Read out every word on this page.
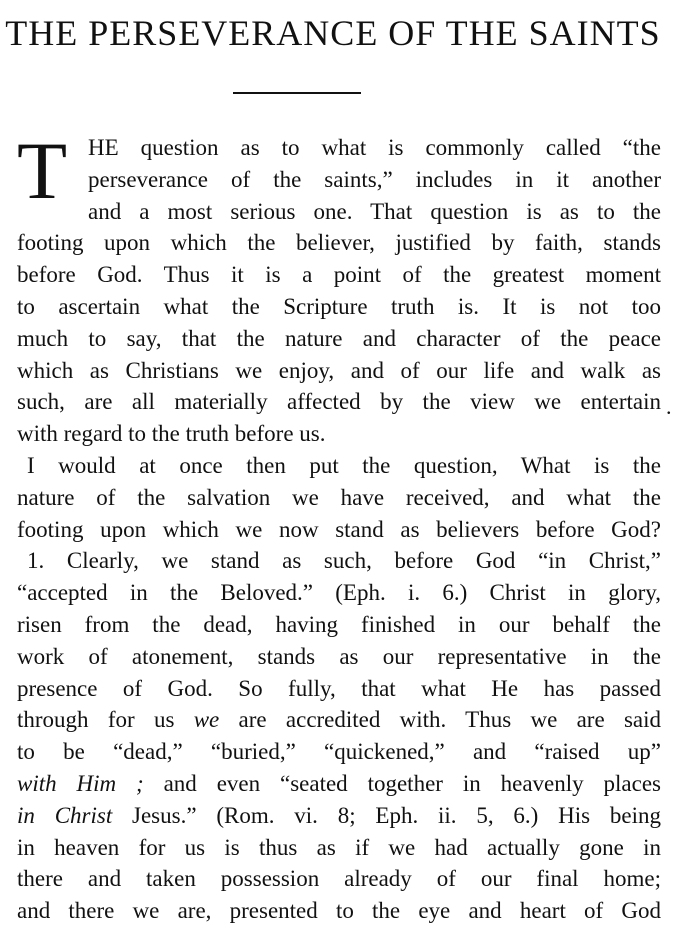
THE PERSEVERANCE OF THE SAINTS
T HE question as to what is commonly called “the
perseverance of the saints,” includes in it another
and a most serious one. That question is as to the
footing upon which the believer, justified by faith, stands
before God. Thus it is a point of the greatest moment
to ascertain what the Scripture truth is. It is not too
much to say, that the nature and character of the peace
which as Christians we enjoy, and of our life and walk as
such, are all materially affected by the view we entertain
with regard to the truth before us.
I would at once then put the question, What is the
nature of the salvation we have received, and what the
footing upon which we now stand as believers before God?
1. Clearly, we stand as such, before God “in Christ,”
“accepted in the Beloved.” (Eph. i. 6.) Christ in glory,
risen from the dead, having finished in our behalf the
work of atonement, stands as our representative in the
presence of God. So fully, that what He has passed
through for us we are accredited with. Thus we are said
to be “dead,” “buried,” “quickened,” and “raised up”
with Him ; and even “seated together in heavenly places
in Christ Jesus.” (Rom. vi. 8; Eph. ii. 5, 6.) His being
in heaven for us is thus as if we had actually gone in
there and taken possession already of our final home;
and there we are, presented to the eye and heart of God
.
